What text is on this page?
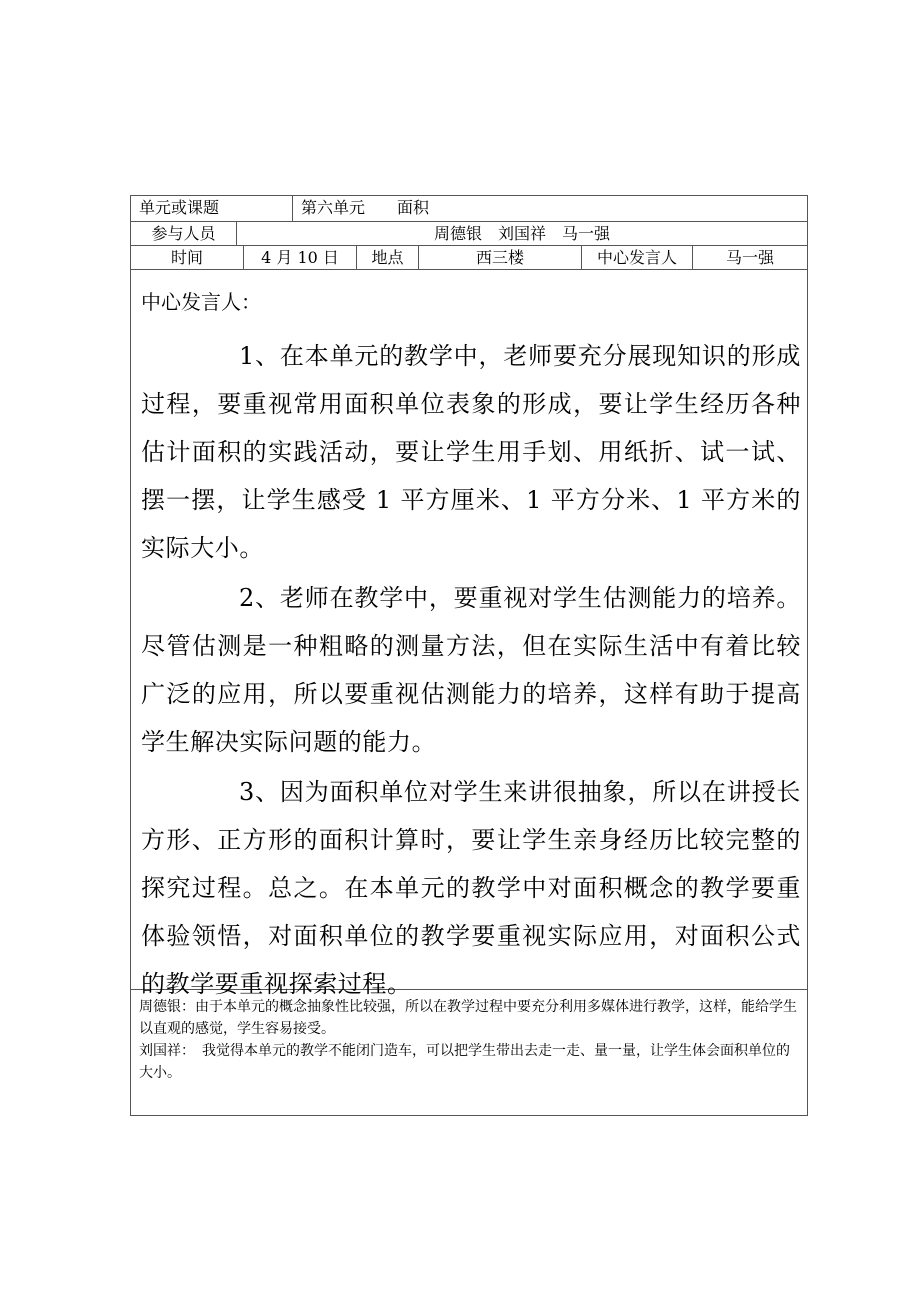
单元或课题	第六单元　　面积
参与人员	周德银　刘国祥　马一强
时间	4 月 10 日	地点	西三楼	中心发言人	马一强
中心发言人：

1、在本单元的教学中，老师要充分展现知识的形成过程，要重视常用面积单位表象的形成，要让学生经历各种估计面积的实践活动，要让学生用手划、用纸折、试一试、摆一摆，让学生感受 1 平方厘米、1 平方分米、1 平方米的实际大小。

2、老师在教学中，要重视对学生估测能力的培养。尽管估测是一种粗略的测量方法，但在实际生活中有着比较广泛的应用，所以要重视估测能力的培养，这样有助于提高学生解决实际问题的能力。

3、因为面积单位对学生来讲很抽象，所以在讲授长方形、正方形的面积计算时，要让学生亲身经历比较完整的探究过程。总之。在本单元的教学中对面积概念的教学要重体验领悟，对面积单位的教学要重视实际应用，对面积公式的教学要重视探索过程。

周德银：由于本单元的概念抽象性比较强，所以在教学过程中要充分利用多媒体进行教学，这样，能给学生以直观的感觉，学生容易接受。

刘国祥：　我觉得本单元的教学不能闭门造车，可以把学生带出去走一走、量一量，让学生体会面积单位的大小。
